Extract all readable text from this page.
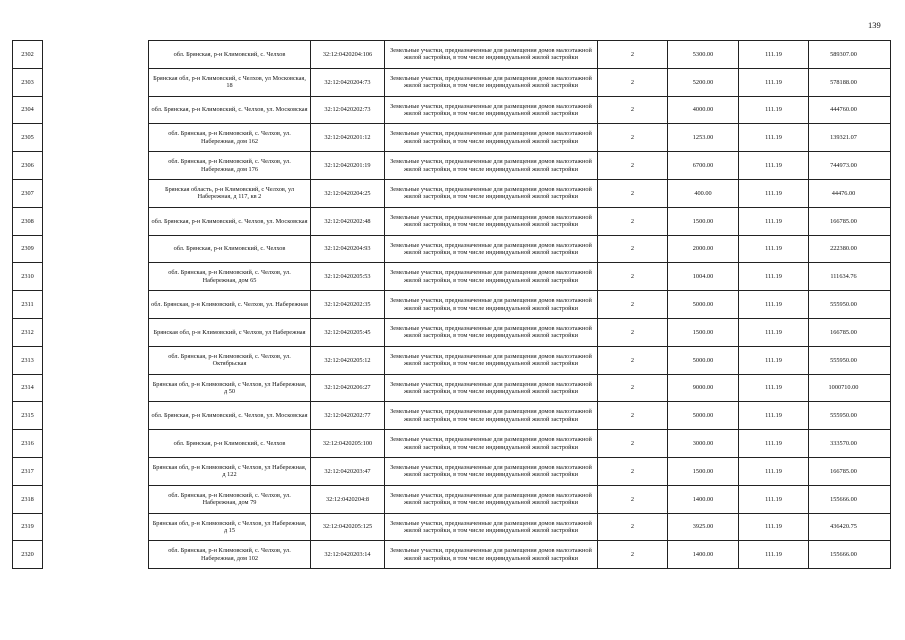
139
2302		обл. Брянская, р-н Климовский, с. Челхов	32:12:0420204:106	Земельные участки, предназначенные для размещения домов малоэтажной жилой застройки, в том числе индивидуальной жилой застройки	2	5300.00	111.19	589307.00
2303		Брянская обл, р-н Климовский, с Челхов, ул Московская, 18	32:12:0420204:73	Земельные участки, предназначенные для размещения домов малоэтажной жилой застройки, в том числе индивидуальной жилой застройки	2	5200.00	111.19	578188.00
2304		обл. Брянская, р-н Климовский, с. Челхов, ул. Московская	32:12:0420202:73	Земельные участки, предназначенные для размещения домов малоэтажной жилой застройки, в том числе индивидуальной жилой застройки	2	4000.00	111.19	444760.00
2305		обл. Брянская, р-н Климовский, с. Челхов, ул. Набережная, дом 162	32:12:0420201:12	Земельные участки, предназначенные для размещения домов малоэтажной жилой застройки, в том числе индивидуальной жилой застройки	2	1253.00	111.19	139321.07
2306		обл. Брянская, р-н Климовский, с. Челхов, ул. Набережная, дом 176	32:12:0420201:19	Земельные участки, предназначенные для размещения домов малоэтажной жилой застройки, в том числе индивидуальной жилой застройки	2	6700.00	111.19	744973.00
2307		Брянская область, р-н Климовский, с Челхов, ул Набережная, д 117, кв 2	32:12:0420204:25	Земельные участки, предназначенные для размещения домов малоэтажной жилой застройки, в том числе индивидуальной жилой застройки	2	400.00	111.19	44476.00
2308		обл. Брянская, р-н Климовский, с. Челхов, ул. Московская	32:12:0420202:48	Земельные участки, предназначенные для размещения домов малоэтажной жилой застройки, в том числе индивидуальной жилой застройки	2	1500.00	111.19	166785.00
2309		обл. Брянская, р-н Климовский, с. Челхов	32:12:0420204:93	Земельные участки, предназначенные для размещения домов малоэтажной жилой застройки, в том числе индивидуальной жилой застройки	2	2000.00	111.19	222380.00
2310		обл. Брянская, р-н Климовский, с. Челхов, ул. Набережная, дом 65	32:12:0420205:53	Земельные участки, предназначенные для размещения домов малоэтажной жилой застройки, в том числе индивидуальной жилой застройки	2	1004.00	111.19	111634.76
2311		обл. Брянская, р-н Климовский, с. Челхов, ул. Набережная	32:12:0420202:35	Земельные участки, предназначенные для размещения домов малоэтажной жилой застройки, в том числе индивидуальной жилой застройки	2	5000.00	111.19	555950.00
2312		Брянская обл, р-н Климовский, с Челхов, ул Набережная	32:12:0420205:45	Земельные участки, предназначенные для размещения домов малоэтажной жилой застройки, в том числе индивидуальной жилой застройки	2	1500.00	111.19	166785.00
2313		обл. Брянская, р-н Климовский, с. Челхов, ул. Октябрьская	32:12:0420205:12	Земельные участки, предназначенные для размещения домов малоэтажной жилой застройки, в том числе индивидуальной жилой застройки	2	5000.00	111.19	555950.00
2314		Брянская обл, р-н Климовский, с Челхов, ул Набережная, д 50	32:12:0420206:27	Земельные участки, предназначенные для размещения домов малоэтажной жилой застройки, в том числе индивидуальной жилой застройки	2	9000.00	111.19	1000710.00
2315		обл. Брянская, р-н Климовский, с. Челхов, ул. Московская	32:12:0420202:77	Земельные участки, предназначенные для размещения домов малоэтажной жилой застройки, в том числе индивидуальной жилой застройки	2	5000.00	111.19	555950.00
2316		обл. Брянская, р-н Климовский, с. Челхов	32:12:0420205:100	Земельные участки, предназначенные для размещения домов малоэтажной жилой застройки, в том числе индивидуальной жилой застройки	2	3000.00	111.19	333570.00
2317		Брянская обл, р-н Климовский, с Челхов, ул Набережная, д 122	32:12:0420203:47	Земельные участки, предназначенные для размещения домов малоэтажной жилой застройки, в том числе индивидуальной жилой застройки	2	1500.00	111.19	166785.00
2318		обл. Брянская, р-н Климовский, с. Челхов, ул. Набережная, дом 79	32:12:0420204:8	Земельные участки, предназначенные для размещения домов малоэтажной жилой застройки, в том числе индивидуальной жилой застройки	2	1400.00	111.19	155666.00
2319		Брянская обл, р-н Климовский, с Челхов, ул Набережная, д 15	32:12:0420205:125	Земельные участки, предназначенные для размещения домов малоэтажной жилой застройки, в том числе индивидуальной жилой застройки	2	3925.00	111.19	436420.75
2320		обл. Брянская, р-н Климовский, с. Челхов, ул. Набережная, дом 102	32:12:0420203:14	Земельные участки, предназначенные для размещения домов малоэтажной жилой застройки, в том числе индивидуальной жилой застройки	2	1400.00	111.19	155666.00
